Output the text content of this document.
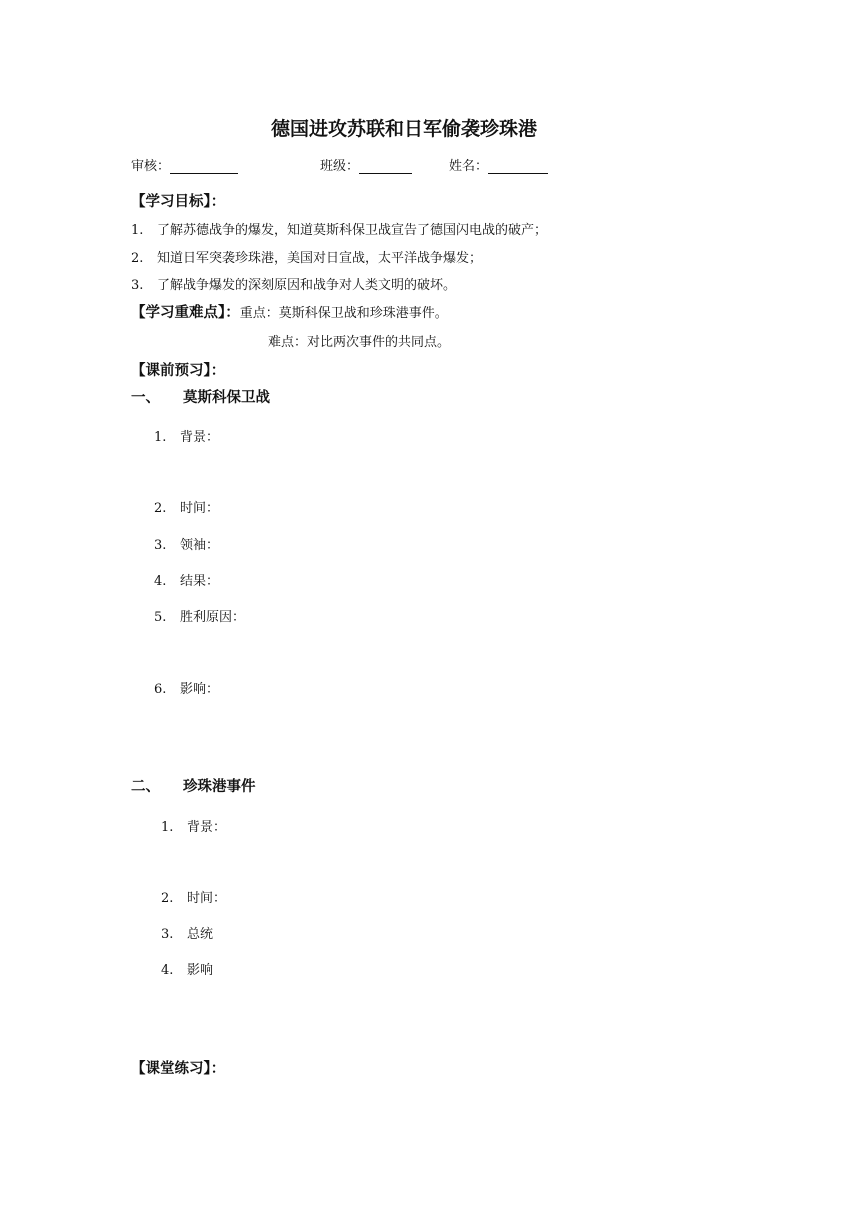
德国进攻苏联和日军偷袭珍珠港
审核：	班级：	姓名：
【学习目标】：
1. 了解苏德战争的爆发，知道莫斯科保卫战宣告了德国闪电战的破产；
2. 知道日军突袭珍珠港，美国对日宣战，太平洋战争爆发；
3. 了解战争爆发的深刻原因和战争对人类文明的破坏。
【学习重难点】：重点：莫斯科保卫战和珍珠港事件。
难点：对比两次事件的共同点。
【课前预习】：
一、 莫斯科保卫战
1. 背景：
2. 时间：
3. 领袖：
4. 结果：
5. 胜利原因：
6. 影响：
二、 珍珠港事件
1. 背景：
2. 时间：
3. 总统
4. 影响
【课堂练习】：
